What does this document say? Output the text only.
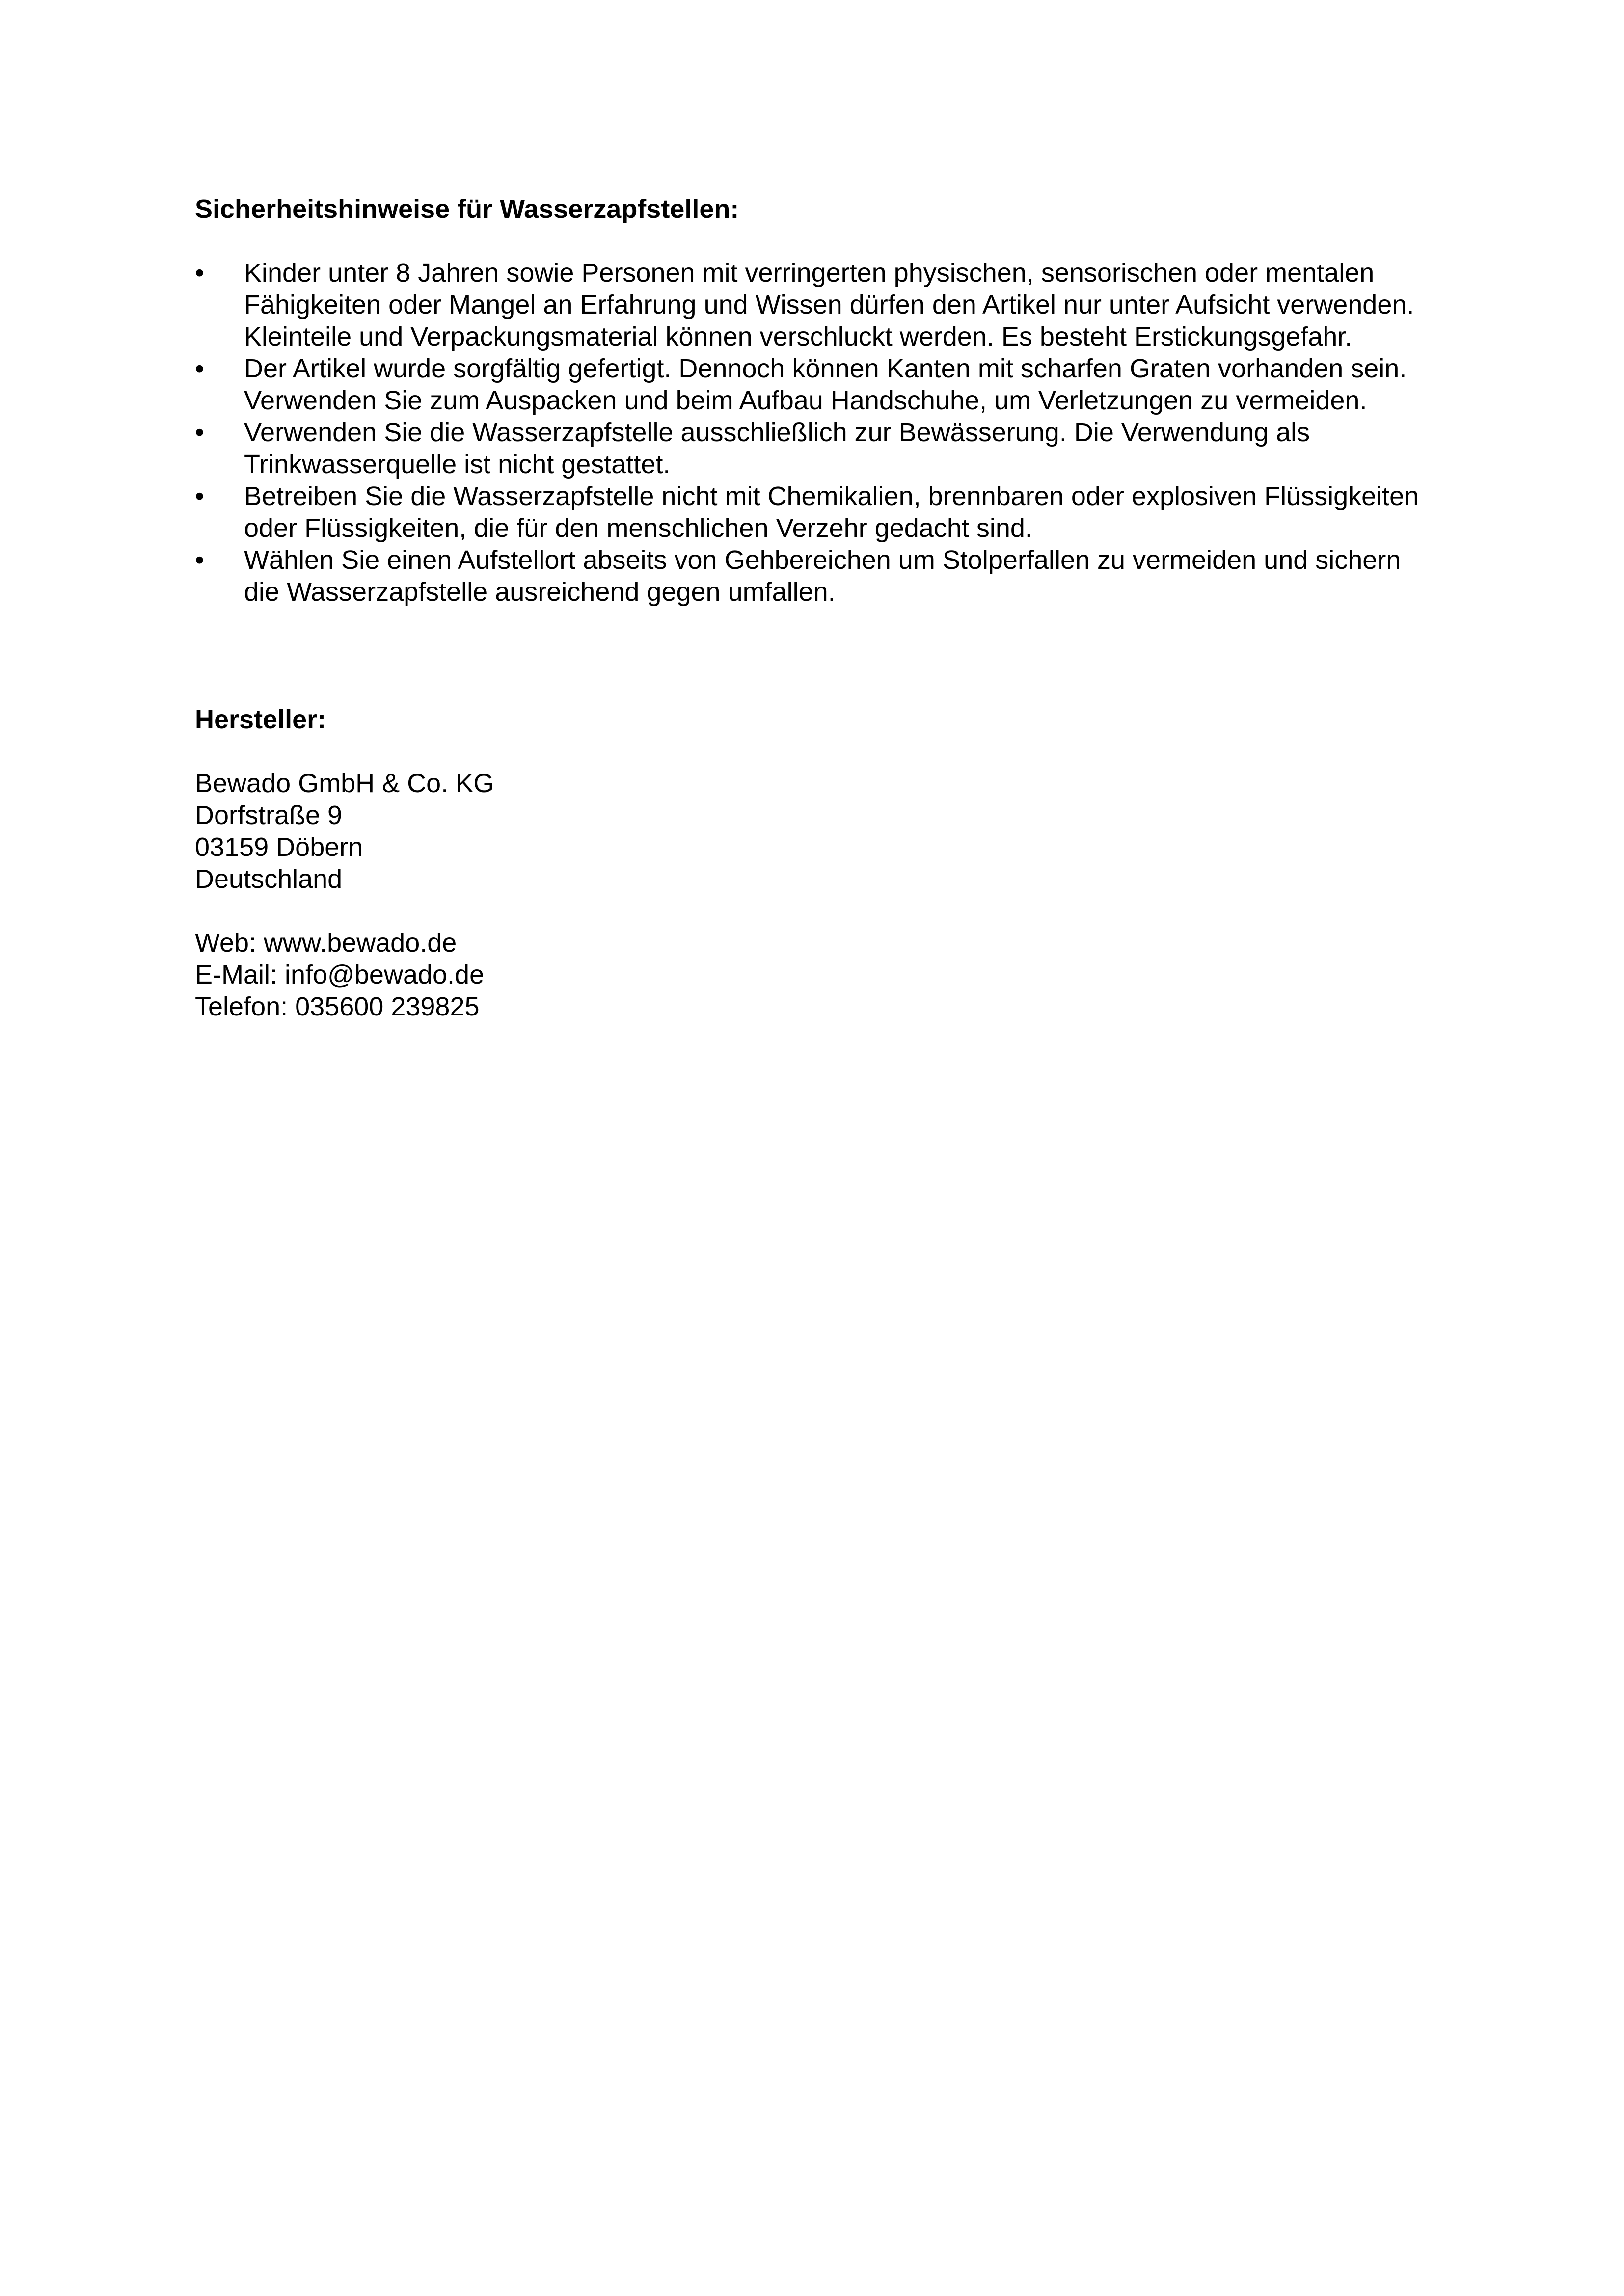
Sicherheitshinweise für Wasserzapfstellen:
• Kinder unter 8 Jahren sowie Personen mit verringerten physischen, sensorischen oder mentalen Fähigkeiten oder Mangel an Erfahrung und Wissen dürfen den Artikel nur unter Aufsicht verwenden. Kleinteile und Verpackungsmaterial können verschluckt werden. Es besteht Erstickungsgefahr.
• Der Artikel wurde sorgfältig gefertigt. Dennoch können Kanten mit scharfen Graten vorhanden sein. Verwenden Sie zum Auspacken und beim Aufbau Handschuhe, um Verletzungen zu vermeiden.
• Verwenden Sie die Wasserzapfstelle ausschließlich zur Bewässerung. Die Verwendung als Trinkwasserquelle ist nicht gestattet.
• Betreiben Sie die Wasserzapfstelle nicht mit Chemikalien, brennbaren oder explosiven Flüssigkeiten oder Flüssigkeiten, die für den menschlichen Verzehr gedacht sind.
• Wählen Sie einen Aufstellort abseits von Gehbereichen um Stolperfallen zu vermeiden und sichern die Wasserzapfstelle ausreichend gegen umfallen.
Hersteller:
Bewado GmbH & Co. KG
Dorfstraße 9
03159 Döbern
Deutschland
Web: www.bewado.de
E-Mail: info@bewado.de
Telefon: 035600 239825
